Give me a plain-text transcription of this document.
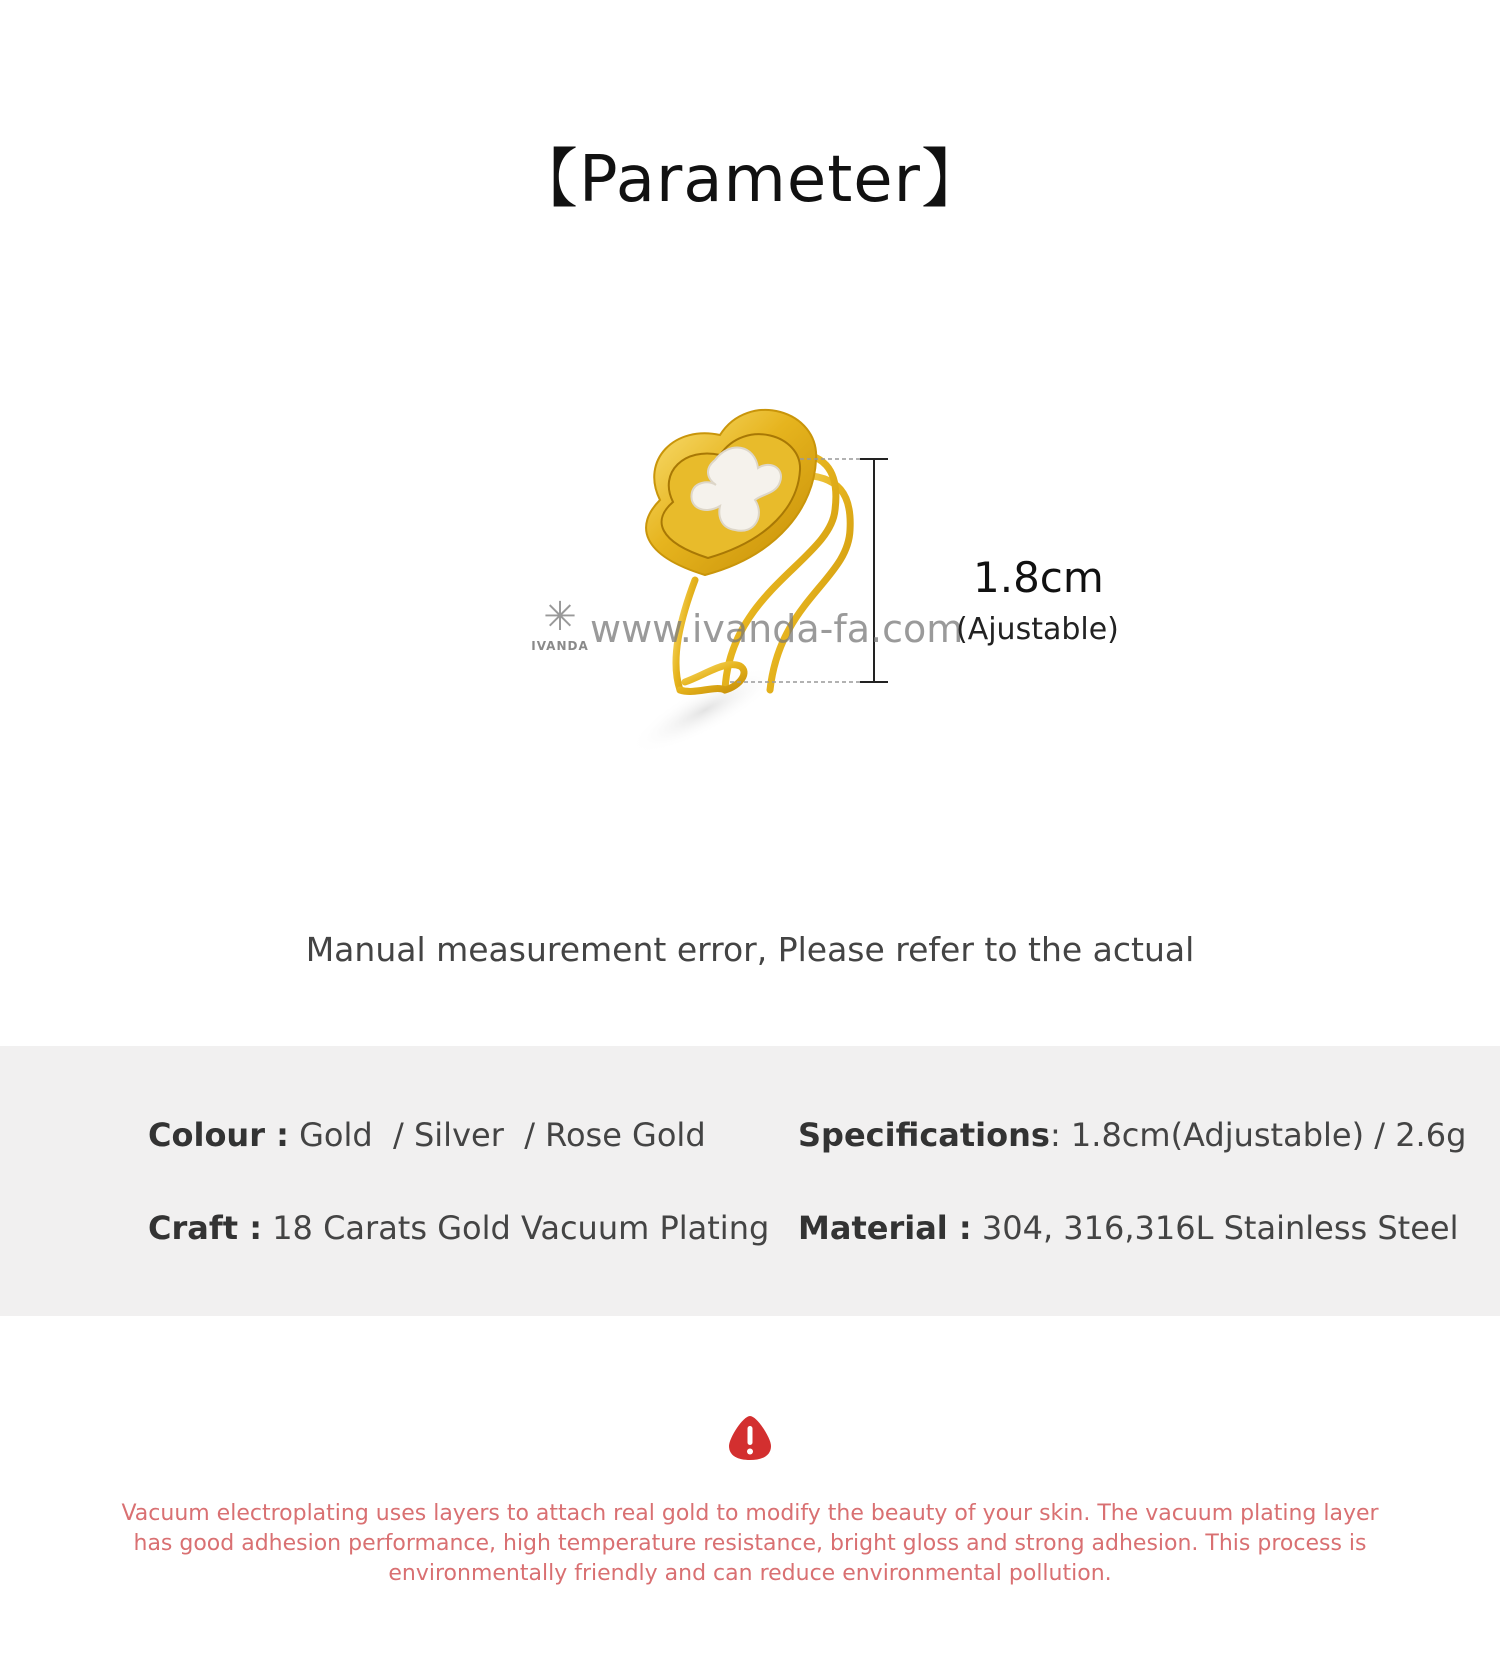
【Parameter】
✳
IVANDA www.ivanda-fa.com
1.8cm
(Ajustable)
Manual measurement error, Please refer to the actual
Colour : Gold  / Silver  / Rose Gold
Craft : 18 Carats Gold Vacuum Plating
Specifications: 1.8cm(Adjustable) / 2.6g
Material : 304, 316,316L Stainless Steel
Vacuum electroplating uses layers to attach real gold to modify the beauty of your skin. The vacuum plating layer has good adhesion performance, high temperature resistance, bright gloss and strong adhesion. This process is environmentally friendly and can reduce environmental pollution.
